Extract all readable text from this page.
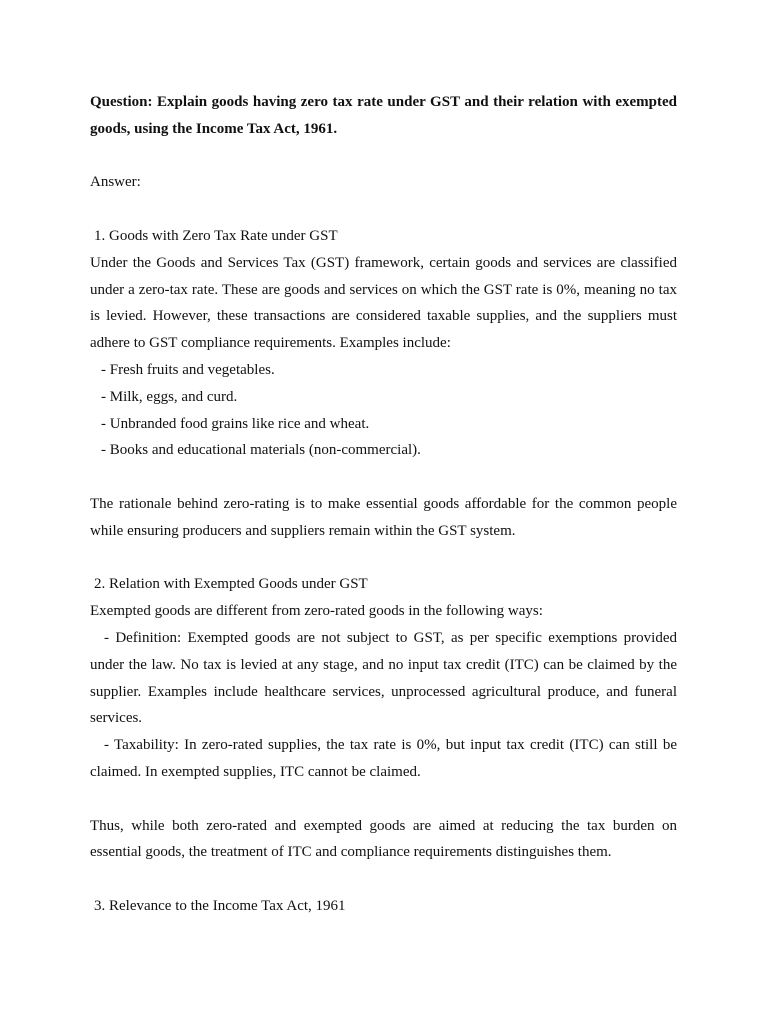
Question: Explain goods having zero tax rate under GST and their relation with exempted goods, using the Income Tax Act, 1961.

Answer:

1. Goods with Zero Tax Rate under GST

Under the Goods and Services Tax (GST) framework, certain goods and services are classified under a zero-tax rate. These are goods and services on which the GST rate is 0%, meaning no tax is levied. However, these transactions are considered taxable supplies, and the suppliers must adhere to GST compliance requirements. Examples include:

- Fresh fruits and vegetables.

- Milk, eggs, and curd.

- Unbranded food grains like rice and wheat.

- Books and educational materials (non-commercial).

The rationale behind zero-rating is to make essential goods affordable for the common people while ensuring producers and suppliers remain within the GST system.

2. Relation with Exempted Goods under GST

Exempted goods are different from zero-rated goods in the following ways:

- Definition: Exempted goods are not subject to GST, as per specific exemptions provided under the law. No tax is levied at any stage, and no input tax credit (ITC) can be claimed by the supplier. Examples include healthcare services, unprocessed agricultural produce, and funeral services.

- Taxability: In zero-rated supplies, the tax rate is 0%, but input tax credit (ITC) can still be claimed. In exempted supplies, ITC cannot be claimed.

Thus, while both zero-rated and exempted goods are aimed at reducing the tax burden on essential goods, the treatment of ITC and compliance requirements distinguishes them.

3. Relevance to the Income Tax Act, 1961
